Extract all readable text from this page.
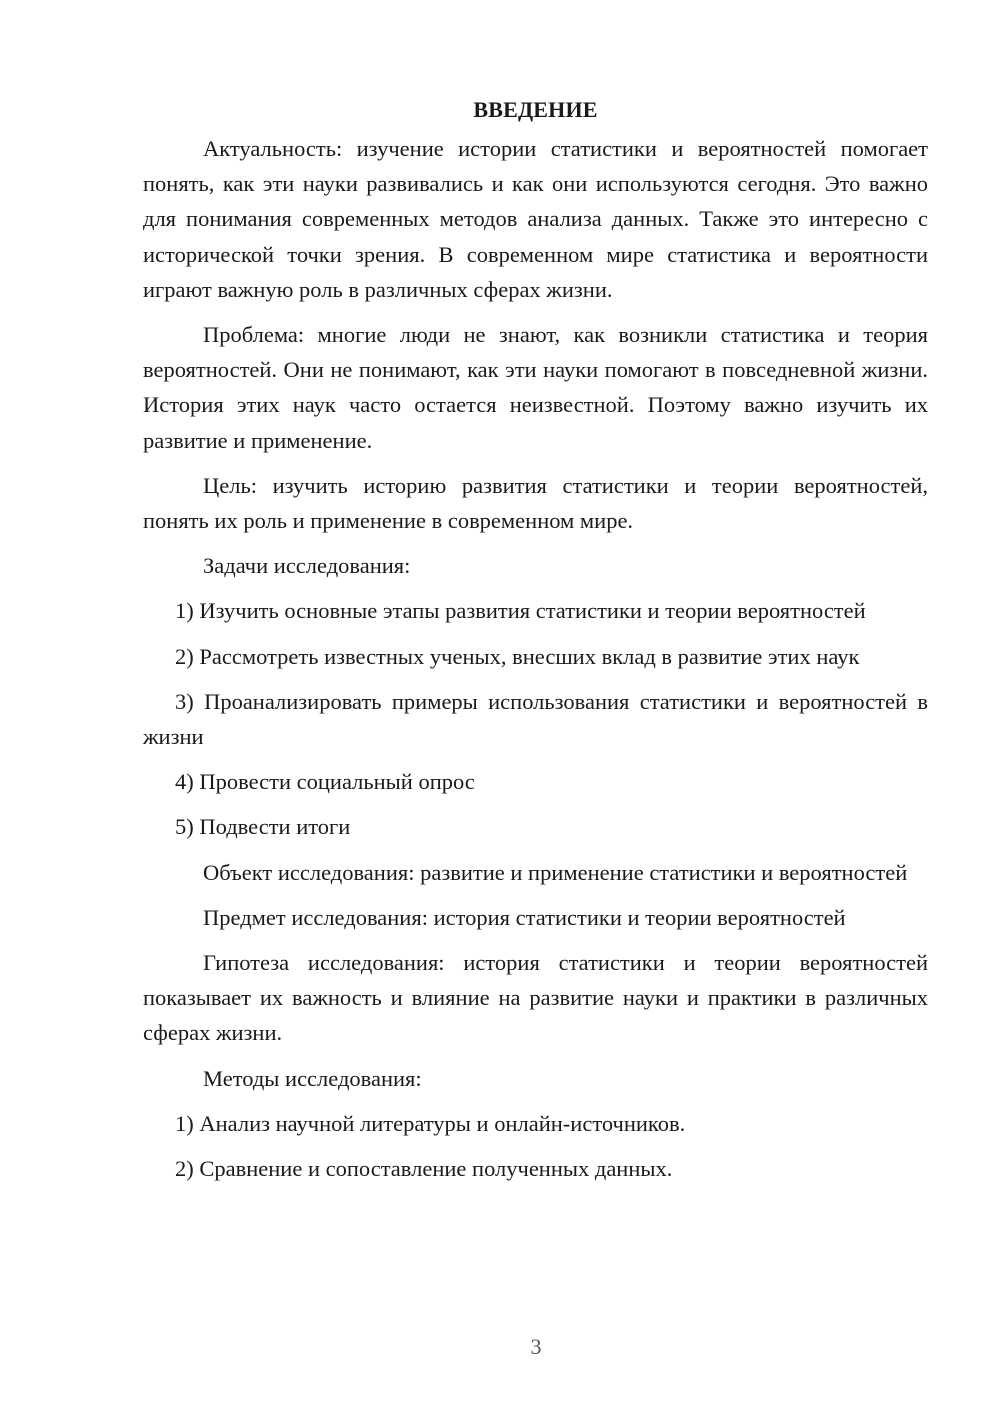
ВВЕДЕНИЕ

Актуальность: изучение истории статистики и вероятностей помогает понять, как эти науки развивались и как они используются сегодня. Это важно для понимания современных методов анализа данных. Также это интересно с исторической точки зрения. В современном мире статистика и вероятности играют важную роль в различных сферах жизни.

Проблема: многие люди не знают, как возникли статистика и теория вероятностей. Они не понимают, как эти науки помогают в повседневной жизни. История этих наук часто остается неизвестной. Поэтому важно изучить их развитие и применение.

Цель: изучить историю развития статистики и теории вероятностей, понять их роль и применение в современном мире.

Задачи исследования:

1) Изучить основные этапы развития статистики и теории вероятностей

2) Рассмотреть известных ученых, внесших вклад в развитие этих наук

3) Проанализировать примеры использования статистики и вероятностей в жизни

4) Провести социальный опрос

5) Подвести итоги

Объект исследования: развитие и применение статистики и вероятностей

Предмет исследования: история статистики и теории вероятностей

Гипотеза исследования: история статистики и теории вероятностей показывает их важность и влияние на развитие науки и практики в различных сферах жизни.

Методы исследования:

1) Анализ научной литературы и онлайн-источников.

2) Сравнение и сопоставление полученных данных.

3
